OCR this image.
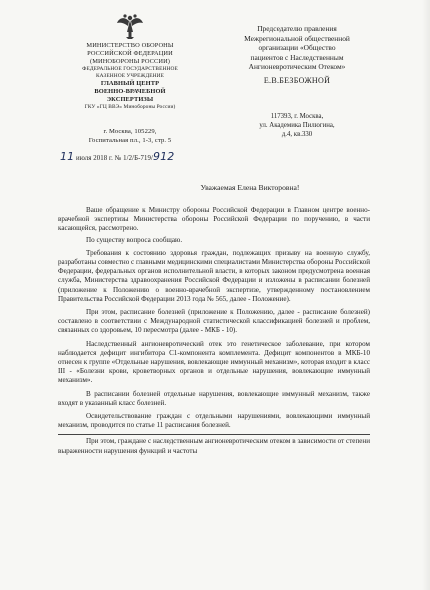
МИНИСТЕРСТВО ОБОРОНЫ
РОССИЙСКОЙ ФЕДЕРАЦИИ
(МИНОБОРОНЫ РОССИИ)
ФЕДЕРАЛЬНОЕ ГОСУДАРСТВЕННОЕ
КАЗЕННОЕ УЧРЕЖДЕНИЕ
ГЛАВНЫЙ ЦЕНТР
ВОЕННО-ВРАЧЕБНОЙ
ЭКСПЕРТИЗЫ
ГКУ «ГЦ ВВЭ» Минобороны России)
г. Москва, 105229,
Госпитальная пл., 1-3, стр. 5
11 июля 2018 г. № 1/2/Б-719/912
Председателю правления
Межрегиональной общественной
организации «Общество
пациентов с Наследственным
Ангионевротическим Отеком»
Е.В.БЕЗБОЖНОЙ
117393, г. Москва,
ул. Академика Пилюгина,
д.4, кв.330
Уважаемая Елена Викторовна!

Ваше обращение к Министру обороны Российской Федерации в Главном центре военно-врачебной экспертизы Министерства обороны Российской Федерации по поручению, в части касающейся, рассмотрено.

По существу вопроса сообщаю.

Требования к состоянию здоровья граждан, подлежащих призыву на военную службу, разработаны совместно с главными медицинскими специалистами Министерства обороны Российской Федерации, федеральных органов исполнительной власти, в которых законом предусмотрена военная служба, Министерства здравоохранения Российской Федерации и изложены в расписании болезней (приложение к Положению о военно-врачебной экспертизе, утвержденному постановлением Правительства Российской Федерации 2013 года № 565, далее - Положение).

При этом, расписание болезней (приложение к Положению, далее - расписание болезней) составлено в соответствии с Международной статистической классификацией болезней и проблем, связанных со здоровьем, 10 пересмотра (далее - МКБ - 10).

Наследственный ангионевротический отек это генетическое заболевание, при котором наблюдается дефицит ингибитора С1-компонента комплемента. Дефицит компонентов в МКБ-10 отнесен к группе «Отдельные нарушения, вовлекающие иммунный механизм», которая входит в класс III - «Болезни крови, кроветворных органов и отдельные нарушения, вовлекающие иммунный механизм».

В расписании болезней отдельные нарушения, вовлекающие иммунный механизм, также входят в указанный класс болезней.

Освидетельствование граждан с отдельными нарушениями, вовлекающими иммунный механизм, проводится по статье 11 расписания болезней.

При этом, граждане с наследственным ангионевротическим отеком в зависимости от степени выраженности нарушения функций и частоты
